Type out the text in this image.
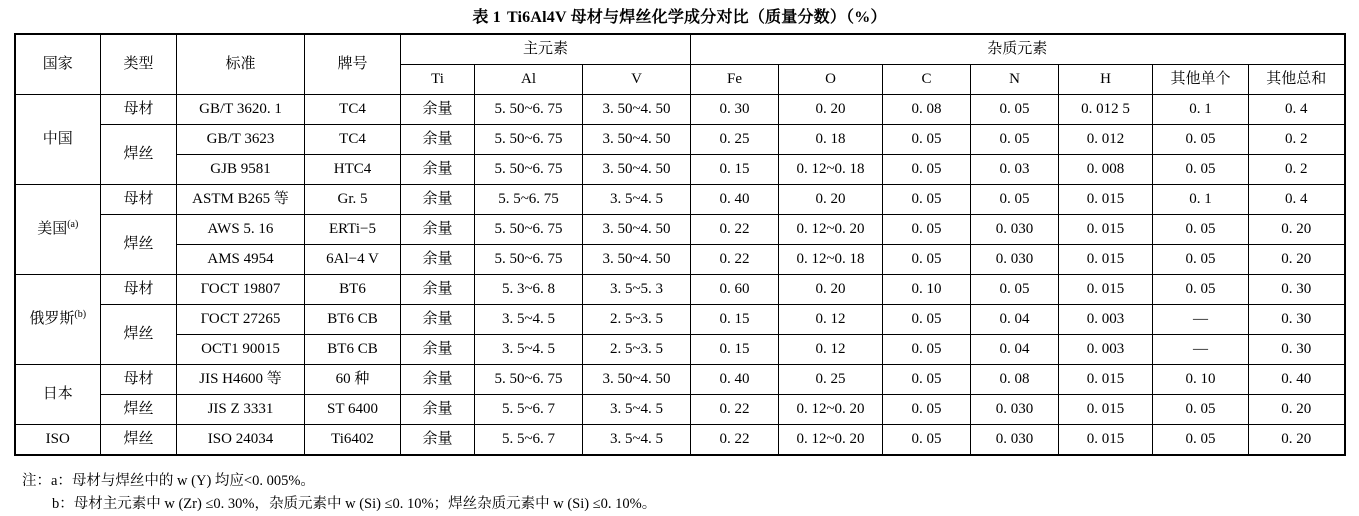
表 1 Ti6Al4V 母材与焊丝化学成分对比（质量分数）（%）
国家	类型	标准	牌号	主元素			杂质元素						
				Ti	Al	V	Fe	O	C	N	H	其他单个	其他总和
中国	母材	GB/T 3620. 1	TC4	余量	5. 50~6. 75	3. 50~4. 50	0. 30	0. 20	0. 08	0. 05	0. 012 5	0. 1	0. 4
	焊丝	GB/T 3623	TC4	余量	5. 50~6. 75	3. 50~4. 50	0. 25	0. 18	0. 05	0. 05	0. 012	0. 05	0. 2
		GJB 9581	HTC4	余量	5. 50~6. 75	3. 50~4. 50	0. 15	0. 12~0. 18	0. 05	0. 03	0. 008	0. 05	0. 2
美国$^{(a)}$	母材	ASTM B265 等	Gr. 5	余量	5. 5~6. 75	3. 5~4. 5	0. 40	0. 20	0. 05	0. 05	0. 015	0. 1	0. 4
	焊丝	AWS 5. 16	ERTi−5	余量	5. 50~6. 75	3. 50~4. 50	0. 22	0. 12~0. 20	0. 05	0. 030	0. 015	0. 05	0. 20
		AMS 4954	6Al−4 V	余量	5. 50~6. 75	3. 50~4. 50	0. 22	0. 12~0. 18	0. 05	0. 030	0. 015	0. 05	0. 20
俄罗斯$^{(b)}$	母材	ГОСТ 19807	BT6	余量	5. 3~6. 8	3. 5~5. 3	0. 60	0. 20	0. 10	0. 05	0. 015	0. 05	0. 30
	焊丝	ГОСТ 27265	BT6 CB	余量	3. 5~4. 5	2. 5~3. 5	0. 15	0. 12	0. 05	0. 04	0. 003	—	0. 30
		OCT1 90015	BT6 CB	余量	3. 5~4. 5	2. 5~3. 5	0. 15	0. 12	0. 05	0. 04	0. 003	—	0. 30
日本	母材	JIS H4600 等	60 种	余量	5. 50~6. 75	3. 50~4. 50	0. 40	0. 25	0. 05	0. 08	0. 015	0. 10	0. 40
	焊丝	JIS Z 3331	ST 6400	余量	5. 5~6. 7	3. 5~4. 5	0. 22	0. 12~0. 20	0. 05	0. 030	0. 015	0. 05	0. 20
ISO	焊丝	ISO 24034	Ti6402	余量	5. 5~6. 7	3. 5~4. 5	0. 22	0. 12~0. 20	0. 05	0. 030	0. 015	0. 05	0. 20
注：a：母材与焊丝中的 w (Y) 均应<0. 005%。
b：母材主元素中 w (Zr) ≤0. 30%，杂质元素中 w (Si) ≤0. 10%；焊丝杂质元素中 w (Si) ≤0. 10%。
